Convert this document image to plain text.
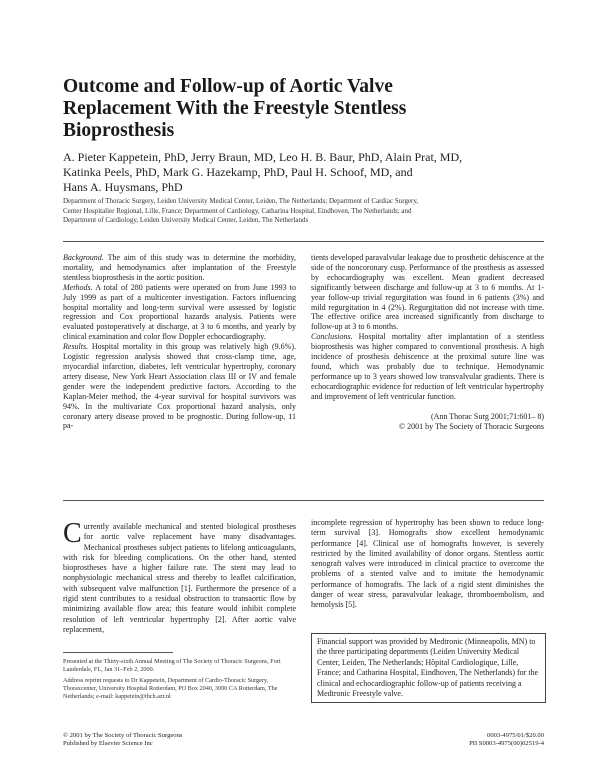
Outcome and Follow-up of Aortic Valve
Replacement With the Freestyle Stentless
Bioprosthesis
A. Pieter Kappetein, PhD, Jerry Braun, MD, Leo H. B. Baur, PhD, Alain Prat, MD,
Katinka Peels, PhD, Mark G. Hazekamp, PhD, Paul H. Schoof, MD, and
Hans A. Huysmans, PhD
Department of Thoracic Surgery, Leiden University Medical Center, Leiden, The Netherlands; Department of Cardiac Surgery,
Center Hospitalier Regional, Lille, France; Department of Cardiology, Catharina Hospital, Eindhoven, The Netherlands; and
Department of Cardiology, Leiden University Medical Center, Leiden, The Netherlands

Background. The aim of this study was to determine the morbidity, mortality, and hemodynamics after implantation of the Freestyle stentless bioprosthesis in the aortic position.

Methods. A total of 280 patients were operated on from June 1993 to July 1999 as part of a multicenter investigation. Factors influencing hospital mortality and long-term survival were assessed by logistic regression and Cox proportional hazards analysis. Patients were evaluated postoperatively at discharge, at 3 to 6 months, and yearly by clinical examination and color flow Doppler echocardiography.

Results. Hospital mortality in this group was relatively high (9.6%). Logistic regression analysis showed that cross-clamp time, age, myocardial infarction, diabetes, left ventricular hypertrophy, coronary artery disease, New York Heart Association class III or IV and female gender were the independent predictive factors. According to the Kaplan-Meier method, the 4-year survival for hospital survivors was 94%. In the multivariate Cox proportional hazard analysis, only coronary artery disease proved to be prognostic. During follow-up, 11 pa-

tients developed paravalvular leakage due to prosthetic dehiscence at the side of the noncoronary cusp. Performance of the prosthesis as assessed by echocardiography was excellent. Mean gradient decreased significantly between discharge and follow-up at 3 to 6 months. At 1-year follow-up trivial regurgitation was found in 6 patients (3%) and mild regurgitation in 4 (2%). Regurgitation did not increase with time. The effective orifice area increased significantly from discharge to follow-up at 3 to 6 months.

Conclusions. Hospital mortality after implantation of a stentless bioprosthesis was higher compared to conventional prosthesis. A high incidence of prosthesis dehiscence at the proximal suture line was found, which was probably due to technique. Hemodynamic performance up to 3 years showed low transvalvular gradients. There is echocardiographic evidence for reduction of left ventricular hypertrophy and improvement of left ventricular function.

(Ann Thorac Surg 2001;71:601– 8)

© 2001 by The Society of Thoracic Surgeons

Currently available mechanical and stented biological prostheses for aortic valve replacement have many disadvantages. Mechanical prostheses subject patients to lifelong anticoagulants, with risk for bleeding complications. On the other hand, stented bioprostheses have a higher failure rate. The stent may lead to nonphysiologic mechanical stress and thereby to leaflet calcification, with subsequent valve malfunction [1]. Furthermore the presence of a rigid stent contributes to a residual obstruction to transaortic flow by minimizing available flow area; this feature would inhibit complete resolution of left ventricular hypertrophy [2]. After aortic valve replacement,

incomplete regression of hypertrophy has been shown to reduce long-term survival [3]. Homografts show excellent hemodynamic performance [4]. Clinical use of homografts however, is severely restricted by the limited availability of donor organs. Stentless aortic xenograft valves were introduced in clinical practice to overcome the problems of a stented valve and to imitate the hemodynamic performance of homografts. The lack of a rigid stent diminishes the danger of wear stress, paravalvular leakage, thromboembolism, and hemolysis [5].

Financial support was provided by Medtronic (Minneapolis, MN) to the three participating departments (Leiden University Medical Center, Leiden, The Netherlands; Hôpital Cardiologique, Lille, France; and Catharina Hospital, Eindhoven, The Netherlands) for the clinical and echocardiographic follow-up of patients receiving a Medtronic Freestyle valve.

Presented at the Thirty-sixth Annual Meeting of The Society of Thoracic Surgeons, Fort Lauderdale, FL, Jan 31–Feb 2, 2000.

Address reprint requests to Dr Kappetein, Department of Cardio-Thoracic Surgery, Thoraxcenter, University Hospital Rotterdam, PO Box 2040, 3000 CA Rotterdam, The Netherlands; e-mail: kappetein@thch.azr.nl

© 2001 by The Society of Thoracic Surgeons
Published by Elsevier Science Inc
0003-4975/01/$20.00
PII S0003-4975(00)02519-4
